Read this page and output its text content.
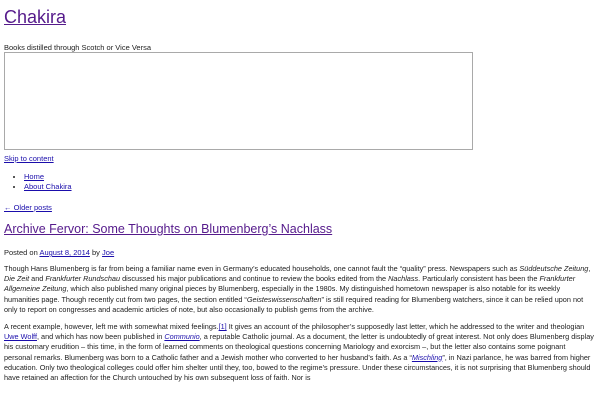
Chakira
Books distilled through Scotch or Vice Versa
Skip to content
• Home
• About Chakira
← Older posts
Archive Fervor: Some Thoughts on Blumenberg’s Nachlass
Posted on August 8, 2014 by Joe

Though Hans Blumenberg is far from being a familiar name even in Germany’s educated households, one cannot fault the “quality” press. Newspapers such as Süddeutsche Zeitung, Die Zeit and Frankfurter Rundschau discussed his major publications and continue to review the books edited from the Nachlass. Particularly consistent has been the Frankfurter Allgemeine Zeitung, which also published many original pieces by Blumenberg, especially in the 1980s. My distinguished hometown newspaper is also notable for its weekly humanities page. Though recently cut from two pages, the section entitled “Geisteswissenschaften” is still required reading for Blumenberg watchers, since it can be relied upon not only to report on congresses and academic articles of note, but also occasionally to publish gems from the archive.

A recent example, however, left me with somewhat mixed feelings.[1] It gives an account of the philosopher’s supposedly last letter, which he addressed to the writer and theologian Uwe Wolff, and which has now been published in Communio, a reputable Catholic journal. As a document, the letter is undoubtedly of great interest. Not only does Blumenberg display his customary erudition – this time, in the form of learned comments on theological questions concerning Mariology and exorcism –, but the letter also contains some poignant personal remarks. Blumenberg was born to a Catholic father and a Jewish mother who converted to her husband’s faith. As a “Mischling”, in Nazi parlance, he was barred from higher education. Only two theological colleges could offer him shelter until they, too, bowed to the regime’s pressure. Under these circumstances, it is not surprising that Blumenberg should have retained an affection for the Church untouched by his own subsequent loss of faith. Nor is
